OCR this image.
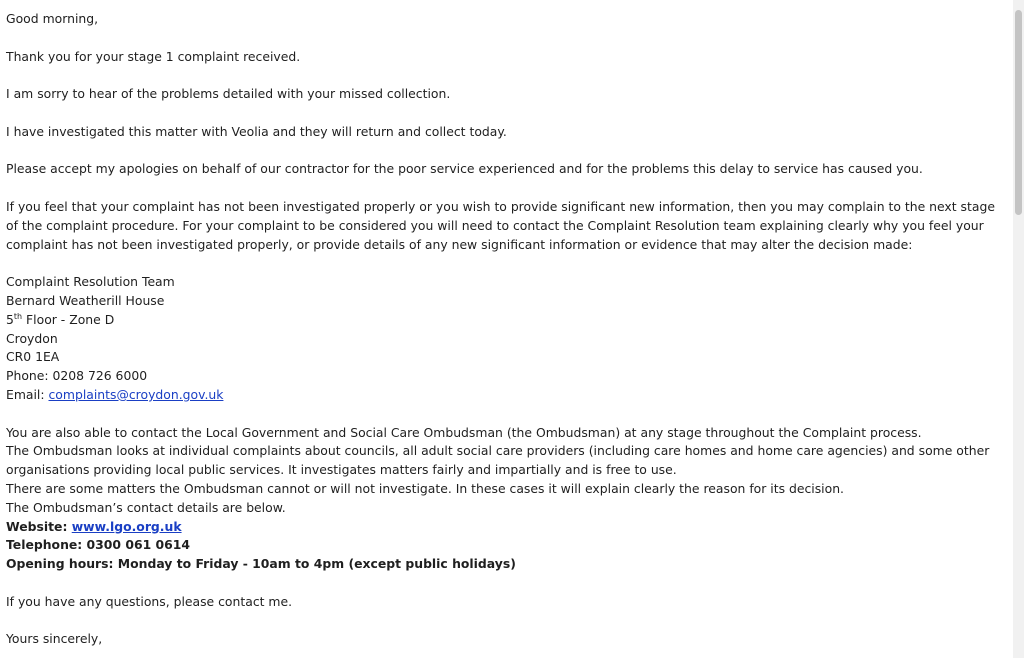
Good morning,

Thank you for your stage 1 complaint received.

I am sorry to hear of the problems detailed with your missed collection.

I have investigated this matter with Veolia and they will return and collect today.

Please accept my apologies on behalf of our contractor for the poor service experienced and for the problems this delay to service has caused you.

If you feel that your complaint has not been investigated properly or you wish to provide significant new information, then you may complain to the next stage of the complaint procedure. For your complaint to be considered you will need to contact the Complaint Resolution team explaining clearly why you feel your complaint has not been investigated properly, or provide details of any new significant information or evidence that may alter the decision made:

Complaint Resolution Team

Bernard Weatherill House

5th Floor - Zone D

Croydon

CR0 1EA

Phone: 0208 726 6000

Email: complaints@croydon.gov.uk

You are also able to contact the Local Government and Social Care Ombudsman (the Ombudsman) at any stage throughout the Complaint process.

The Ombudsman looks at individual complaints about councils, all adult social care providers (including care homes and home care agencies) and some other organisations providing local public services. It investigates matters fairly and impartially and is free to use.

There are some matters the Ombudsman cannot or will not investigate. In these cases it will explain clearly the reason for its decision.

The Ombudsman’s contact details are below.

Website: www.lgo.org.uk

Telephone: 0300 061 0614

Opening hours: Monday to Friday - 10am to 4pm (except public holidays)

If you have any questions, please contact me.

Yours sincerely,
